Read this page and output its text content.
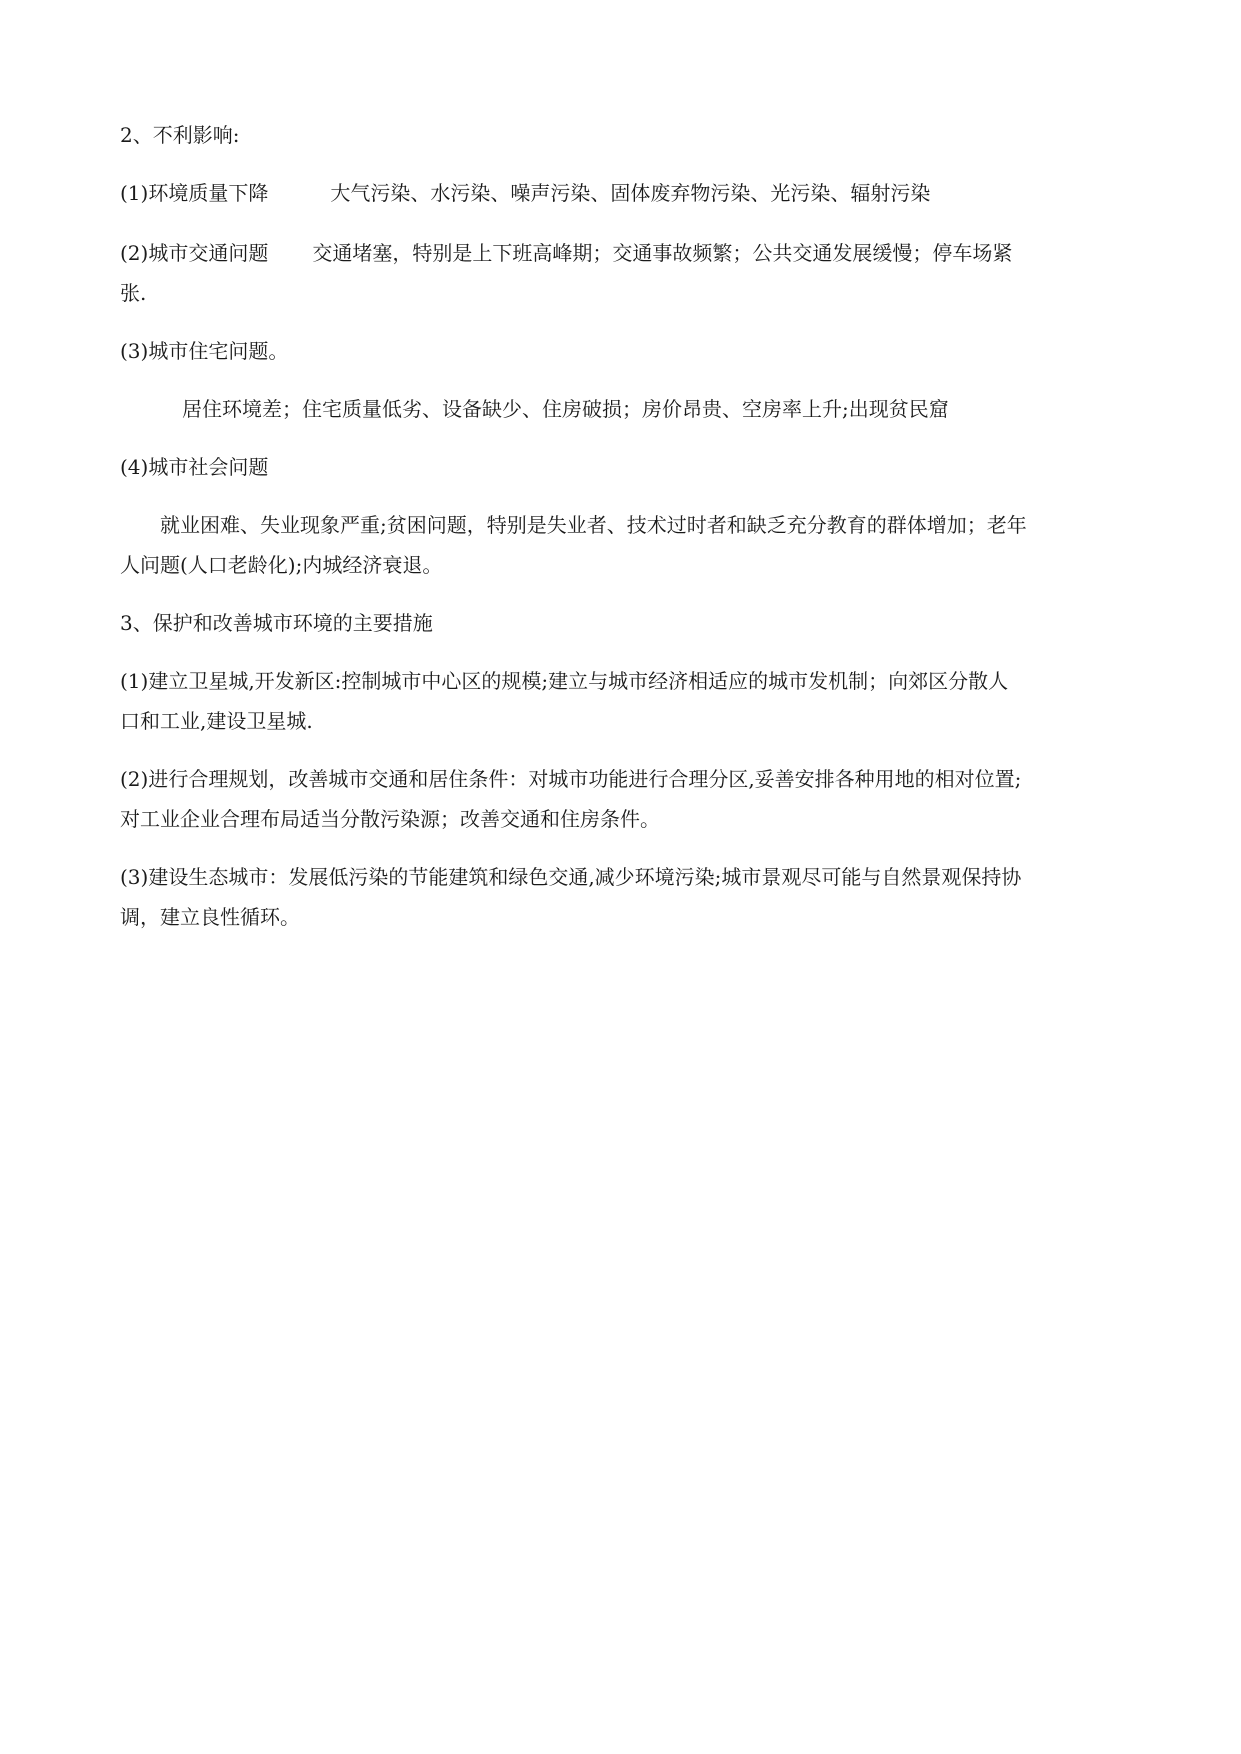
2、不利影响:
(1)环境质量下降	大气污染、水污染、噪声污染、固体废弃物污染、光污染、辐射污染
(2)城市交通问题 交通堵塞，特别是上下班高峰期；交通事故频繁；公共交通发展缓慢；停车场紧
张.
(3)城市住宅问题。
居住环境差；住宅质量低劣、设备缺少、住房破损；房价昂贵、空房率上升;出现贫民窟
(4)城市社会问题
就业困难、失业现象严重;贫困问题，特别是失业者、技术过时者和缺乏充分教育的群体增加；老年
人问题(人口老龄化);内城经济衰退。
3、保护和改善城市环境的主要措施
(1)建立卫星城,开发新区:控制城市中心区的规模;建立与城市经济相适应的城市发机制；向郊区分散人
口和工业,建设卫星城.
(2)进行合理规划，改善城市交通和居住条件：对城市功能进行合理分区,妥善安排各种用地的相对位置;
对工业企业合理布局适当分散污染源；改善交通和住房条件。
(3)建设生态城市：发展低污染的节能建筑和绿色交通,减少环境污染;城市景观尽可能与自然景观保持协
调，建立良性循环。
